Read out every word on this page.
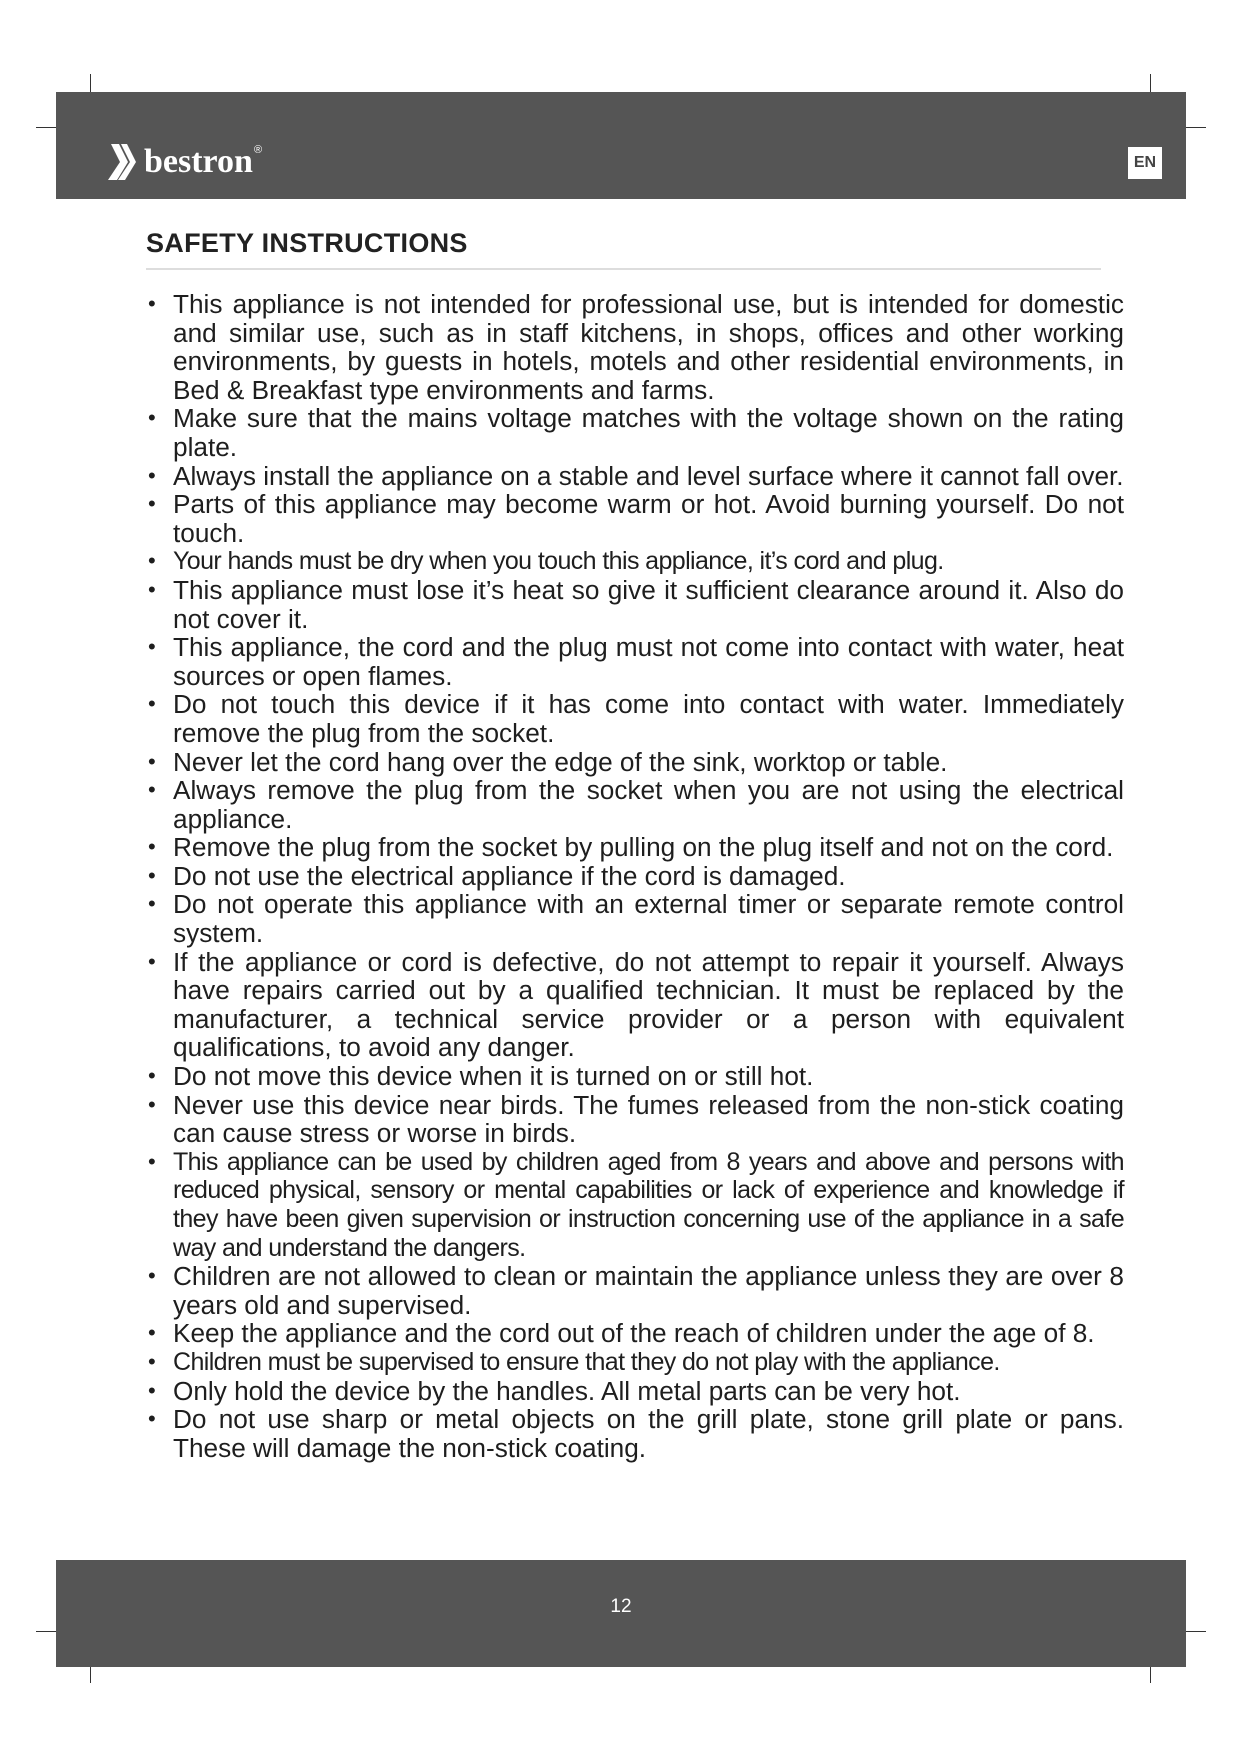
bestron ®
EN
SAFETY INSTRUCTIONS
• This appliance is not intended for professional use, but is intended for domestic and similar use, such as in staff kitchens, in shops, offices and other working environments, by guests in hotels, motels and other residential environments, in Bed & Breakfast type environments and farms.
• Make sure that the mains voltage matches with the voltage shown on the rating plate.
• Always install the appliance on a stable and level surface where it cannot fall over.
• Parts of this appliance may become warm or hot. Avoid burning yourself. Do not touch.
• Your hands must be dry when you touch this appliance, it’s cord and plug.
• This appliance must lose it’s heat so give it sufficient clearance around it. Also do not cover it.
• This appliance, the cord and the plug must not come into contact with water, heat sources or open flames.
• Do not touch this device if it has come into contact with water. Immediately remove the plug from the socket.
• Never let the cord hang over the edge of the sink, worktop or table.
• Always remove the plug from the socket when you are not using the electrical appliance.
• Remove the plug from the socket by pulling on the plug itself and not on the cord.
• Do not use the electrical appliance if the cord is damaged.
• Do not operate this appliance with an external timer or separate remote control system.
• If the appliance or cord is defective, do not attempt to repair it yourself. Always have repairs carried out by a qualified technician. It must be replaced by the manufacturer, a technical service provider or a person with equivalent qualifications, to avoid any danger.
• Do not move this device when it is turned on or still hot.
• Never use this device near birds. The fumes released from the non-stick coating can cause stress or worse in birds.
• This appliance can be used by children aged from 8 years and above and persons with reduced physical, sensory or mental capabilities or lack of experience and knowledge if they have been given supervision or instruction concerning use of the appliance in a safe way and understand the dangers.
• Children are not allowed to clean or maintain the appliance unless they are over 8 years old and supervised.
• Keep the appliance and the cord out of the reach of children under the age of 8.
• Children must be supervised to ensure that they do not play with the appliance.
• Only hold the device by the handles. All metal parts can be very hot.
• Do not use sharp or metal objects on the grill plate, stone grill plate or pans. These will damage the non-stick coating.
12
